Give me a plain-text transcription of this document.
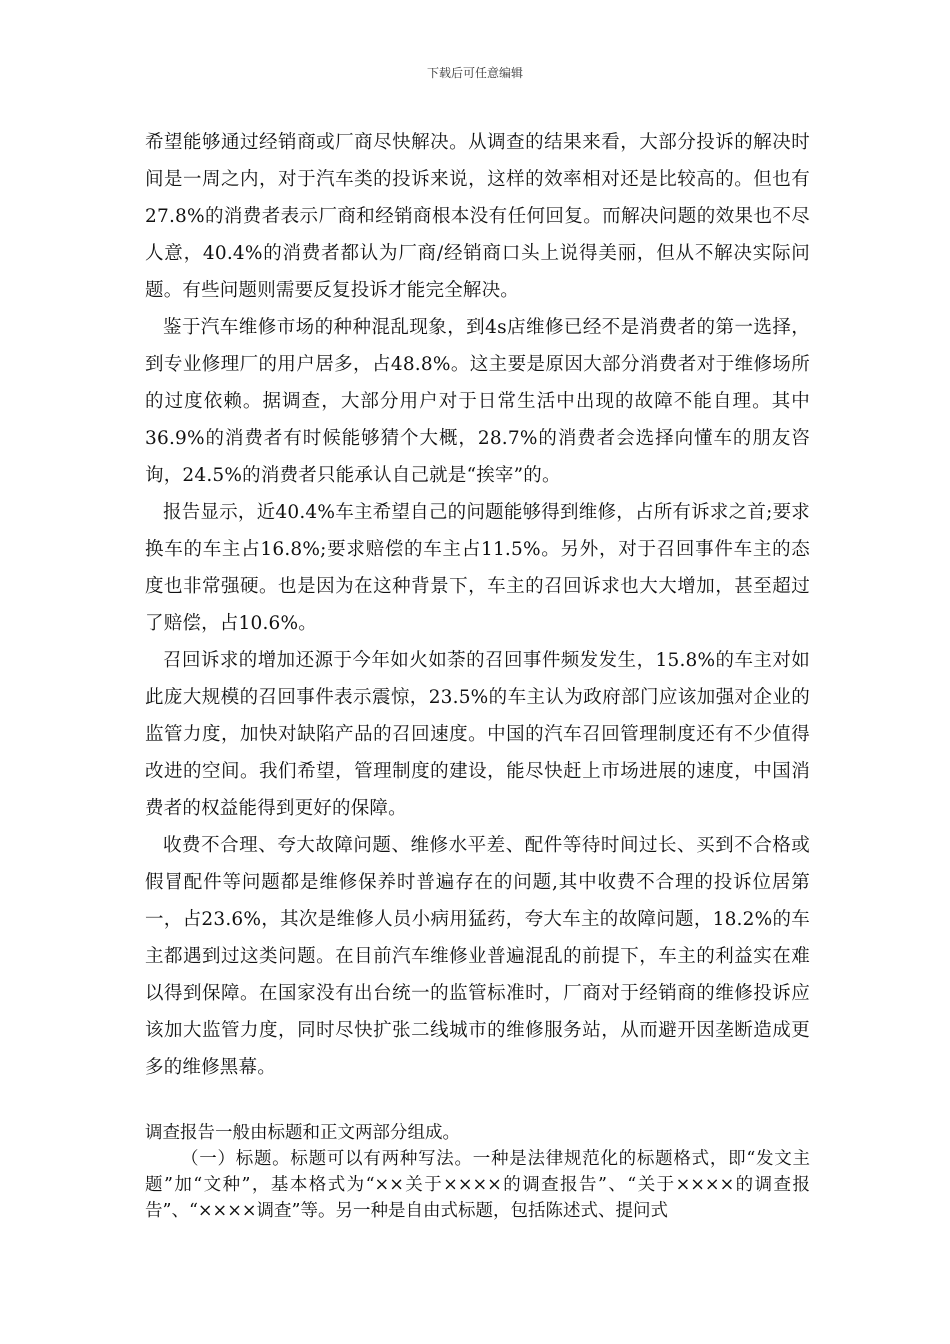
下载后可任意编辑

希望能够通过经销商或厂商尽快解决。从调查的结果来看，大部分投诉的解决时间是一周之内，对于汽车类的投诉来说，这样的效率相对还是比较高的。但也有27.8%的消费者表示厂商和经销商根本没有任何回复。而解决问题的效果也不尽人意，40.4%的消费者都认为厂商/经销商口头上说得美丽，但从不解决实际问题。有些问题则需要反复投诉才能完全解决。

鉴于汽车维修市场的种种混乱现象，到4s店维修已经不是消费者的第一选择，到专业修理厂的用户居多，占48.8%。这主要是原因大部分消费者对于维修场所的过度依赖。据调查，大部分用户对于日常生活中出现的故障不能自理。其中36.9%的消费者有时候能够猜个大概，28.7%的消费者会选择向懂车的朋友咨询，24.5%的消费者只能承认自己就是“挨宰”的。

报告显示，近40.4%车主希望自己的问题能够得到维修，占所有诉求之首;要求换车的车主占16.8%;要求赔偿的车主占11.5%。另外，对于召回事件车主的态度也非常强硬。也是因为在这种背景下，车主的召回诉求也大大增加，甚至超过了赔偿，占10.6%。

召回诉求的增加还源于今年如火如荼的召回事件频发发生，15.8%的车主对如此庞大规模的召回事件表示震惊，23.5%的车主认为政府部门应该加强对企业的监管力度，加快对缺陷产品的召回速度。中国的汽车召回管理制度还有不少值得改进的空间。我们希望，管理制度的建设，能尽快赶上市场进展的速度，中国消费者的权益能得到更好的保障。

收费不合理、夸大故障问题、维修水平差、配件等待时间过长、买到不合格或假冒配件等问题都是维修保养时普遍存在的问题,其中收费不合理的投诉位居第一，占23.6%，其次是维修人员小病用猛药，夸大车主的故障问题，18.2%的车主都遇到过这类问题。在目前汽车维修业普遍混乱的前提下，车主的利益实在难以得到保障。在国家没有出台统一的监管标准时，厂商对于经销商的维修投诉应该加大监管力度，同时尽快扩张二线城市的维修服务站，从而避开因垄断造成更多的维修黑幕。

调查报告一般由标题和正文两部分组成。

（一）标题。标题可以有两种写法。一种是法律规范化的标题格式，即“发文主题”加“文种”，基本格式为“××关于××××的调查报告”、“关于××××的调查报告”、“××××调查”等。另一种是自由式标题，包括陈述式、提问式
